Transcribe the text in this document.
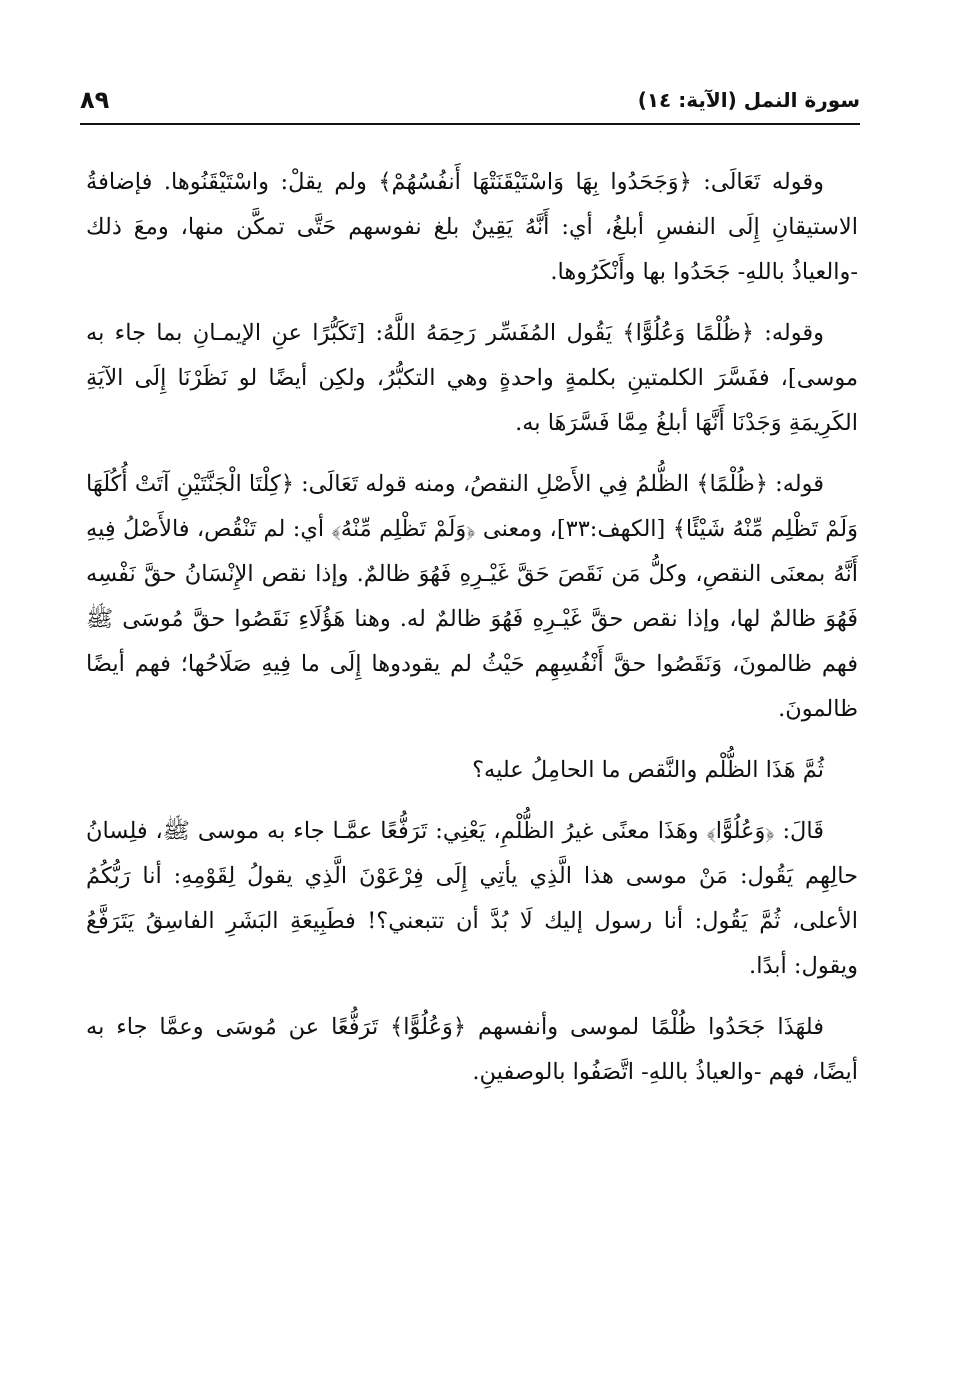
سورة النمل (الآية: ١٤)
٨٩

وقوله تَعَالَى: ﴿وَجَحَدُوا بِهَا وَاسْتَيْقَنَتْهَا أَنفُسُهُمْ﴾ ولم يقلْ: واسْتَيْقَنُوها. فإضافةُ الاستيقانِ إِلَى النفسِ أبلغُ، أي: أَنَّهُ يَقِينٌ بلغ نفوسهم حَتَّى تمكَّن منها، ومعَ ذلك -والعياذُ باللهِ- جَحَدُوا بها وأَنْكَرُوها.

وقوله: ﴿ظُلْمًا وَعُلُوًّا﴾ يَقُول المُفَسِّر رَحِمَهُ اللَّهُ: [تَكَبُّرًا عنِ الإيمـانِ بما جاء به موسى]، ففَسَّرَ الكلمتينِ بكلمةٍ واحدةٍ وهي التكبُّرُ، ولكِن أيضًا لو نَظَرْنَا إِلَى الآيَةِ الكَرِيمَةِ وَجَدْنَا أَنَّهَا أبلغُ مِمَّا فَسَّرَهَا به.

قوله: ﴿ظُلْمًا﴾ الظُّلمُ فِي الأَصْلِ النقصُ، ومنه قوله تَعَالَى: ﴿كِلْتَا الْجَنَّتَيْنِ آتَتْ أُكُلَهَا وَلَمْ تَظْلِم مِّنْهُ شَيْئًا﴾ [الكهف:٣٣]، ومعنى ﴿وَلَمْ تَظْلِم مِّنْهُ﴾ أي: لم تَنْقُص، فالأَصْلُ فِيهِ أَنَّهُ بمعنَى النقصِ، وكلُّ مَن نَقَصَ حَقَّ غَيْـرِهِ فَهُوَ ظالمٌ. وإذا نقص الإِنْسَانُ حقَّ نَفْسِه فَهُوَ ظالمٌ لها، وإذا نقص حقَّ غَيْـرِهِ فَهُوَ ظالمٌ له. وهنا هَؤُلَاءِ نَقَصُوا حقَّ مُوسَى ﷺ فهم ظالمونَ، وَنَقَصُوا حقَّ أَنْفُسِهِم حَيْثُ لم يقودوها إِلَى ما فِيهِ صَلَاحُها؛ فهم أيضًا ظالمونَ.

ثُمَّ هَذَا الظُّلْم والنَّقص ما الحامِلُ عليه؟

قَالَ: ﴿وَعُلُوًّا﴾ وهَذَا معنًى غيرُ الظُّلْمِ، يَعْنِي: تَرَفُّعًا عمَّـا جاء به موسى ﷺ، فلِسانُ حالِهِم يَقُول: مَنْ موسى هذا الَّذِي يأتِي إِلَى فِرْعَوْنَ الَّذِي يقولُ لِقَوْمِهِ: أنا رَبُّكُمُ الأعلى، ثُمَّ يَقُول: أنا رسول إليك لَا بُدَّ أن تتبعني؟! فطَبِيعَةِ البَشَرِ الفاسِقُ يَتَرَفَّعُ ويقول: أبدًا.

فلهَذَا جَحَدُوا ظُلْمًا لموسى وأنفسهم ﴿وَعُلُوًّا﴾ تَرَفُّعًا عن مُوسَى وعمَّا جاء به أيضًا، فهم -والعياذُ باللهِ- اتَّصَفُوا بالوصفينِ.
